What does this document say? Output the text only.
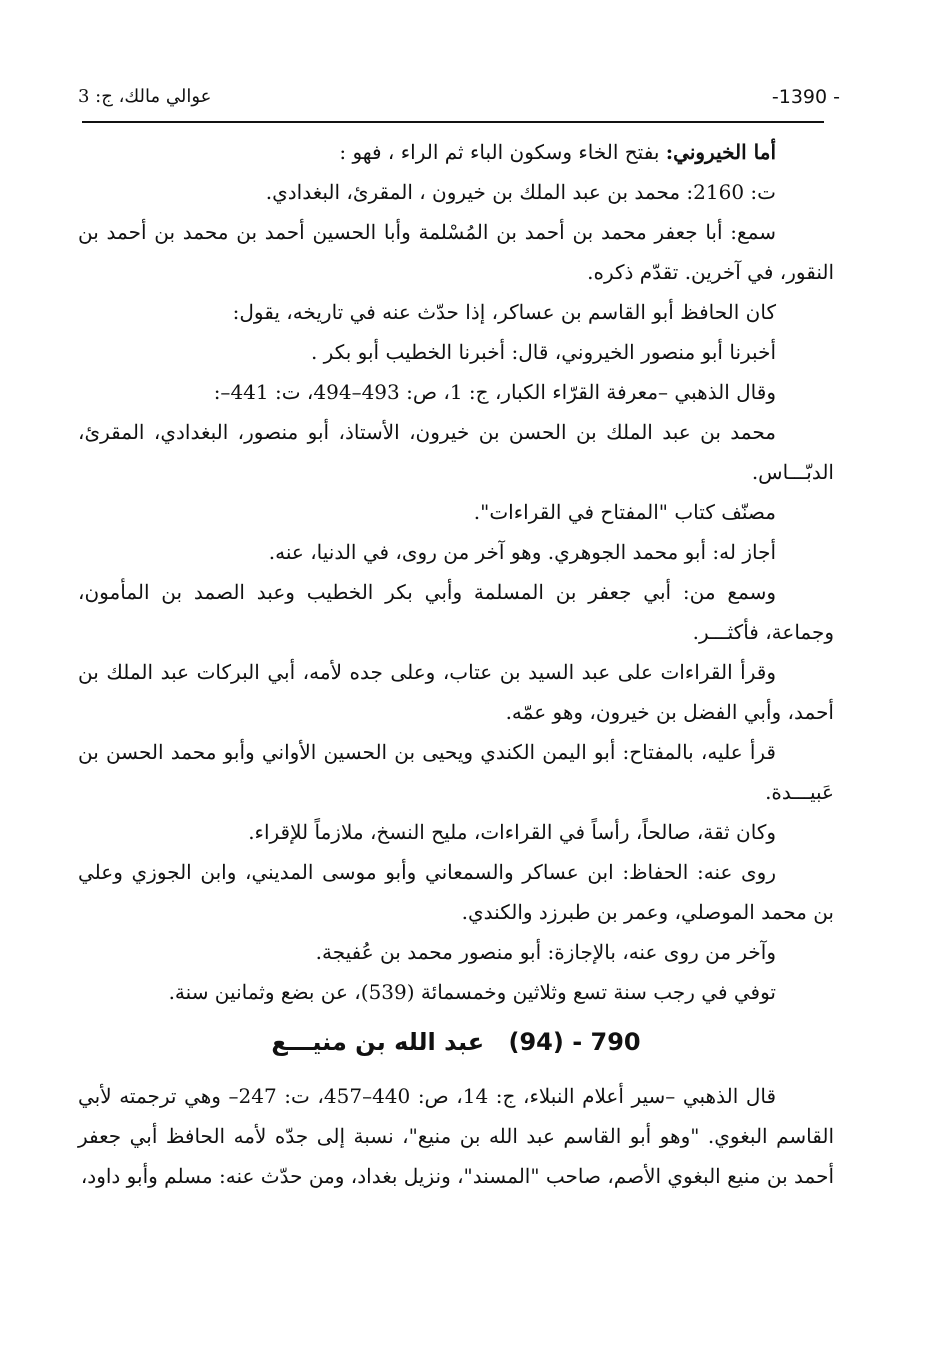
-1390 -
عوالي مالك، ج: 3

أما الخيروني: بفتح الخاء وسكون الباء ثم الراء ، فهو :

ت: 2160: محمد بن عبد الملك بن خيرون ، المقرئ، البغدادي.

سمع: أبا جعفر محمد بن أحمد بن المُسْلمة وأبا الحسين أحمد بن محمد بن أحمد بن النقور، في آخرين. تقدّم ذكره.

كان الحافظ أبو القاسم بن عساكر، إذا حدّث عنه في تاريخه، يقول:

أخبرنا أبو منصور الخيروني، قال: أخبرنا الخطيب أبو بكر .

وقال الذهبي –معرفة القرّاء الكبار، ج: 1، ص: 493–494، ت: 441–:

محمد بن عبد الملك بن الحسن بن خيرون، الأستاذ، أبو منصور، البغدادي، المقرئ، الدبّـــاس.

مصنّف كتاب "المفتاح في القراءات".

أجاز له: أبو محمد الجوهري. وهو آخر من روى، في الدنيا، عنه.

وسمع من: أبي جعفر بن المسلمة وأبي بكر الخطيب وعبد الصمد بن المأمون، وجماعة، فأكثـــر.

وقرأ القراءات على عبد السيد بن عتاب، وعلى جده لأمه، أبي البركات عبد الملك بن أحمد، وأبي الفضل بن خيرون، وهو عمّه.

قرأ عليه، بالمفتاح: أبو اليمن الكندي ويحيى بن الحسين الأواني وأبو محمد الحسن بن عَبيـــدة.

وكان ثقة، صالحاً، رأساً في القراءات، مليح النسخ، ملازماً للإقراء.

روى عنه: الحفاظ: ابن عساكر والسمعاني وأبو موسى المديني، وابن الجوزي وعلي بن محمد الموصلي، وعمر بن طبرزد والكندي.

وآخر من روى عنه، بالإجازة: أبو منصور محمد بن عُفيجة.

توفي في رجب سنة تسع وثلاثين وخمسمائة (539)، عن بضع وثمانين سنة.

790 - (94) عبد الله بن منيـــع

قال الذهبي –سير أعلام النبلاء، ج: 14، ص: 440–457، ت: 247– وهي ترجمته لأبي القاسم البغوي. "وهو أبو القاسم عبد الله بن منيع"، نسبة إلى جدّه لأمه الحافظ أبي جعفر أحمد بن منيع البغوي الأصم، صاحب "المسند"، ونزيل بغداد، ومن حدّث عنه: مسلم وأبو داود،
